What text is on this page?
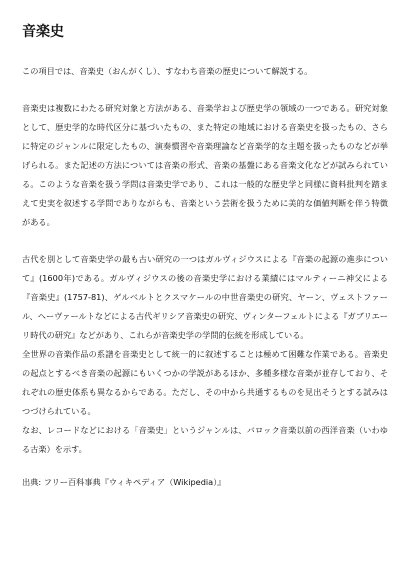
音楽史

この項目では、音楽史（おんがくし）、すなわち音楽の歴史について解説する。

音楽史は複数にわたる研究対象と方法がある、音楽学および歴史学の領域の一つである。研究対象として、歴史学的な時代区分に基づいたもの、また特定の地域における音楽史を扱ったもの、さらに特定のジャンルに限定したもの、演奏慣習や音楽理論など音楽学的な主題を扱ったものなどが挙げられる。また記述の方法については音楽の形式、音楽の基盤にある音楽文化などが試みられている。このような音楽を扱う学問は音楽史学であり、これは一般的な歴史学と同様に資料批判を踏まえて史実を叙述する学問でありながらも、音楽という芸術を扱うために美的な価値判断を伴う特徴がある。

古代を別として音楽史学の最も古い研究の一つはガルヴィジウスによる『音楽の起源の進歩について』(1600年)である。ガルヴィジウスの後の音楽史学における業績にはマルティーニ神父による『音楽史』(1757-81)、ゲルベルトとクスマケールの中世音楽史の研究、ヤーン、ヴェストファール、ヘーヴァールトなどによる古代ギリシア音楽史の研究、ヴィンターフェルトによる『ガブリエーリ時代の研究』などがあり、これらが音楽史学の学問的伝統を形成している。

全世界の音楽作品の系譜を音楽史として統一的に叙述することは極めて困難な作業である。音楽史の起点とするべき音楽の起源にもいくつかの学説があるほか、多種多様な音楽が並存しており、それぞれの歴史体系も異なるからである。ただし、その中から共通するものを見出そうとする試みはつづけられている。

なお、レコードなどにおける「音楽史」というジャンルは、バロック音楽以前の西洋音楽（いわゆる古楽）を示す。

出典: フリー百科事典『ウィキペディア（Wikipedia）』
